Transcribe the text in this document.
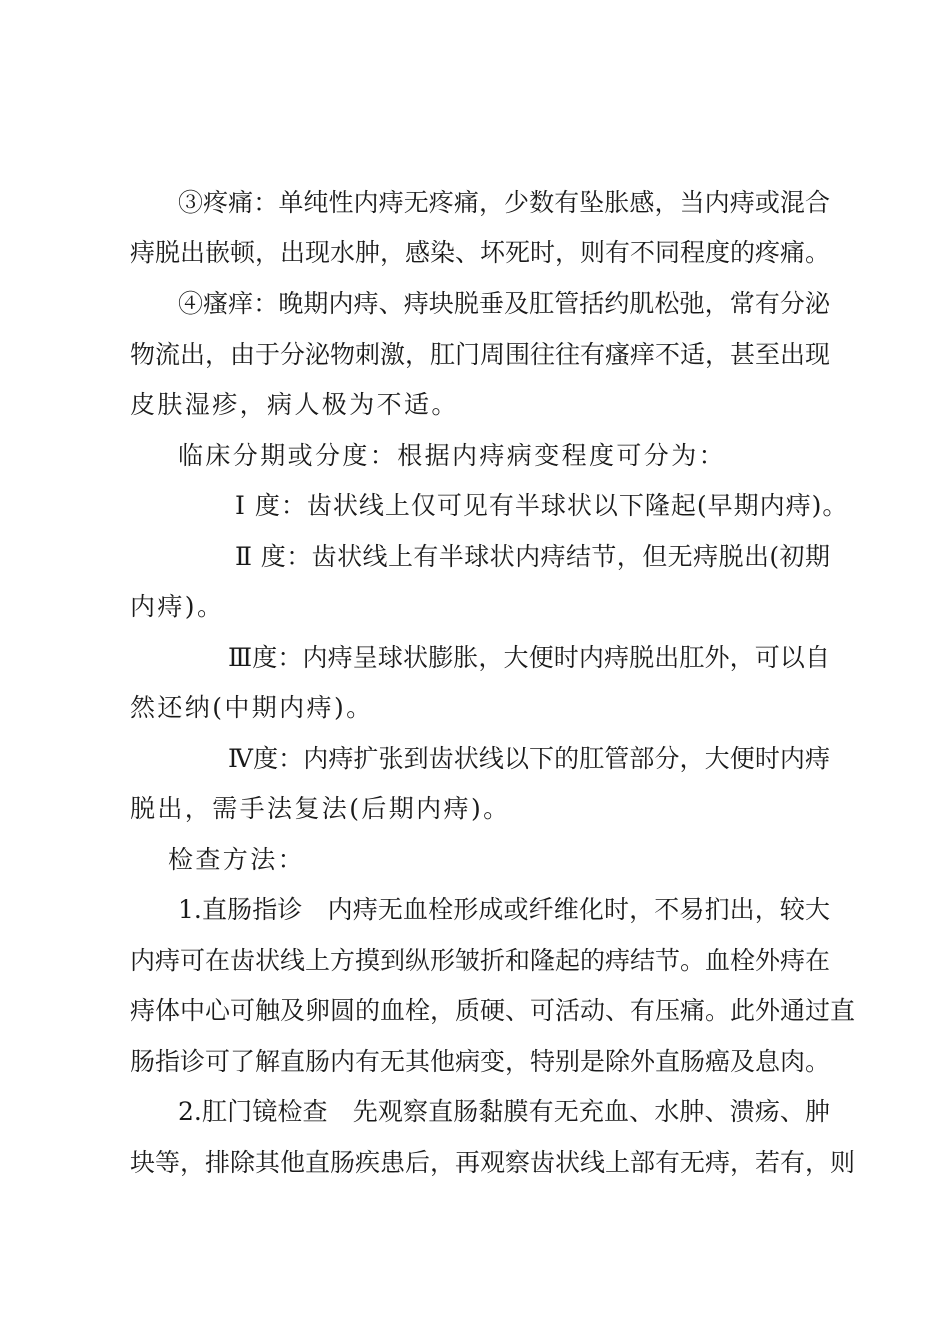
③疼痛：单纯性内痔无疼痛，少数有坠胀感，当内痔或混合
痔脱出嵌顿，出现水肿，感染、坏死时，则有不同程度的疼痛。
④瘙痒：晚期内痔、痔块脱垂及肛管括约肌松弛，常有分泌
物流出，由于分泌物刺激，肛门周围往往有瘙痒不适，甚至出现
皮肤湿疹，病人极为不适。
临床分期或分度：根据内痔病变程度可分为：
Ⅰ 度：齿状线上仅可见有半球状以下隆起(早期内痔)。
Ⅱ 度：齿状线上有半球状内痔结节，但无痔脱出(初期
内痔)。
Ⅲ度：内痔呈球状膨胀，大便时内痔脱出肛外，可以自
然还纳(中期内痔)。
Ⅳ度：内痔扩张到齿状线以下的肛管部分，大便时内痔
脱出，需手法复法(后期内痔)。
检查方法：
1.直肠指诊　内痔无血栓形成或纤维化时，不易扪出，较大
内痔可在齿状线上方摸到纵形皱折和隆起的痔结节。血栓外痔在
痔体中心可触及卵圆的血栓，质硬、可活动、有压痛。此外通过直
肠指诊可了解直肠内有无其他病变，特别是除外直肠癌及息肉。
2.肛门镜检查　先观察直肠黏膜有无充血、水肿、溃疡、肿
块等，排除其他直肠疾患后，再观察齿状线上部有无痔，若有，则
